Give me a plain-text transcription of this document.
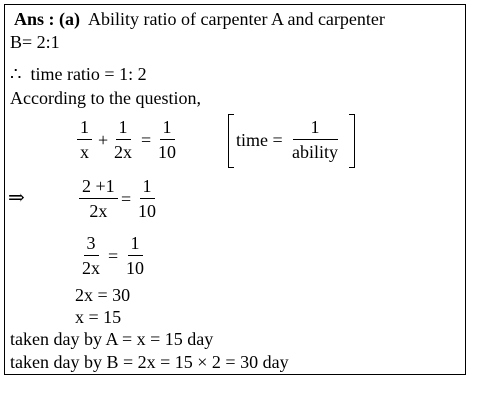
Ans : (a) Ability ratio of carpenter A and carpenter
B= 2:1
∴ time ratio = 1: 2
According to the question,
$\frac{1}{x} + \frac{1}{2x} = \frac{1}{10}$	time =
1
ability
⇒	$\frac{2 +1}{2x} = \frac{1}{10}$
$\frac{3}{2x} = \frac{1}{10}$
2x = 30
x = 15
taken day by A = x = 15 day
taken day by B = 2x = 15 × 2 = 30 day
